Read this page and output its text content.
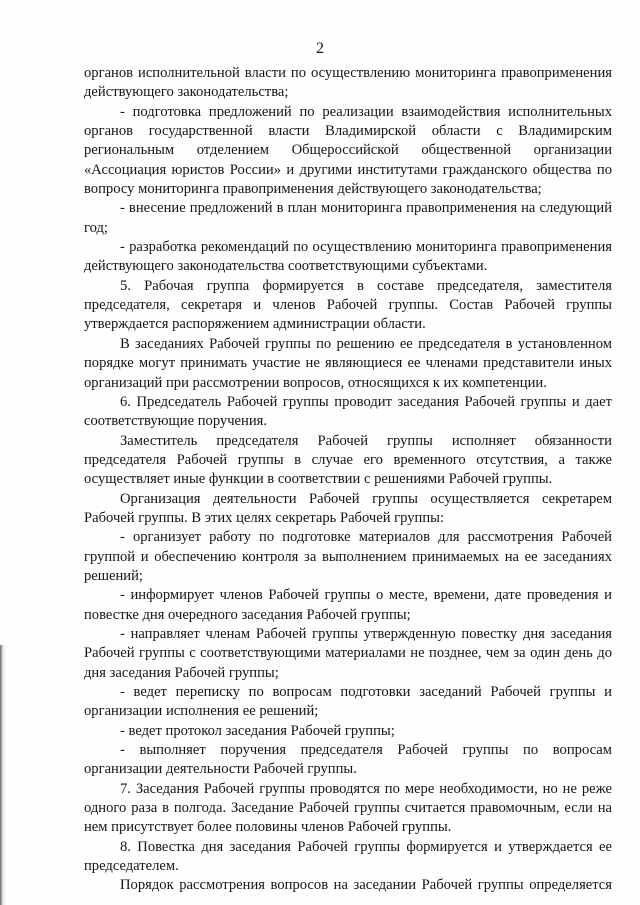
2

органов исполнительной власти по осуществлению мониторинга правоприменения действующего законодательства;

- подготовка предложений по реализации взаимодействия исполнительных органов государственной власти Владимирской области с Владимирским региональным отделением Общероссийской общественной организации «Ассоциация юристов России» и другими институтами гражданского общества по вопросу мониторинга правоприменения действующего законодательства;

- внесение предложений в план мониторинга правоприменения на следующий год;

- разработка рекомендаций по осуществлению мониторинга правоприменения действующего законодательства соответствующими субъектами.

5. Рабочая группа формируется в составе председателя, заместителя председателя, секретаря и членов Рабочей группы. Состав Рабочей группы утверждается распоряжением администрации области.

В заседаниях Рабочей группы по решению ее председателя в установленном порядке могут принимать участие не являющиеся ее членами представители иных организаций при рассмотрении вопросов, относящихся к их компетенции.

6. Председатель Рабочей группы проводит заседания Рабочей группы и дает соответствующие поручения.

Заместитель председателя Рабочей группы исполняет обязанности председателя Рабочей группы в случае его временного отсутствия, а также осуществляет иные функции в соответствии с решениями Рабочей группы.

Организация деятельности Рабочей группы осуществляется секретарем Рабочей группы. В этих целях секретарь Рабочей группы:

- организует работу по подготовке материалов для рассмотрения Рабочей группой и обеспечению контроля за выполнением принимаемых на ее заседаниях решений;

- информирует членов Рабочей группы о месте, времени, дате проведения и повестке дня очередного заседания Рабочей группы;

- направляет членам Рабочей группы утвержденную повестку дня заседания Рабочей группы с соответствующими материалами не позднее, чем за один день до дня заседания Рабочей группы;

- ведет переписку по вопросам подготовки заседаний Рабочей группы и организации исполнения ее решений;

- ведет протокол заседания Рабочей группы;

- выполняет поручения председателя Рабочей группы по вопросам организации деятельности Рабочей группы.

7. Заседания Рабочей группы проводятся по мере необходимости, но не реже одного раза в полгода. Заседание Рабочей группы считается правомочным, если на нем присутствует более половины членов Рабочей группы.

8. Повестка дня заседания Рабочей группы формируется и утверждается ее председателем.

Порядок рассмотрения вопросов на заседании Рабочей группы определяется
